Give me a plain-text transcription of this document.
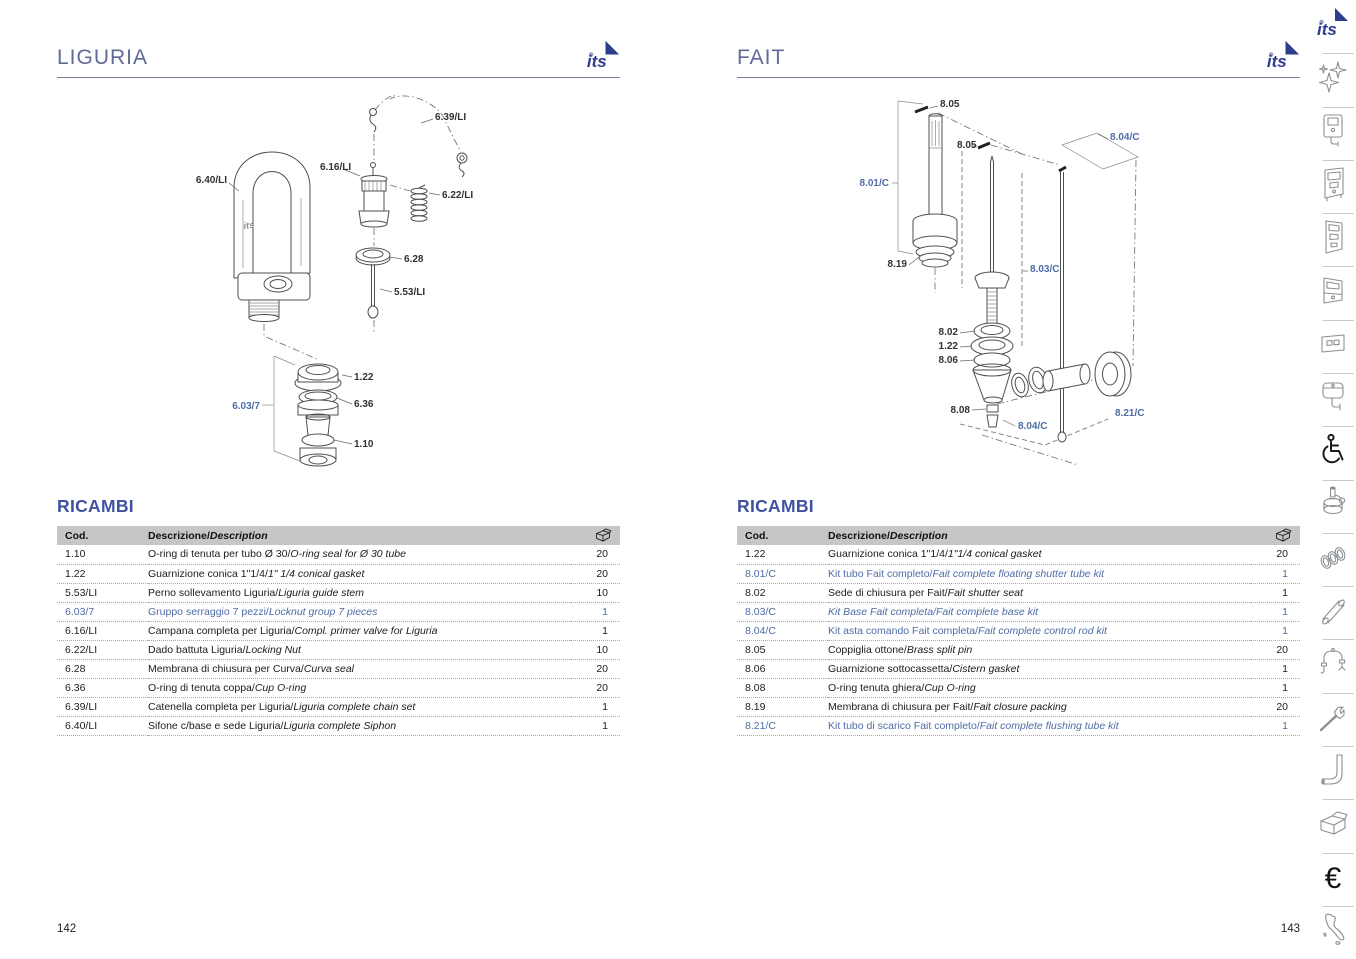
LIGURIA	its
its
6.40/LI
6.39/LI
6.16/LI
6.22/LI
6.28
5.53/LI
1.22
6.36
1.10
6.03/7
RICAMBI
Cod.	Descrizione/Description	

1.10	O-ring di tenuta per tubo Ø 30/O-ring seal for Ø 30 tube	20
1.22	Guarnizione conica 1"1/4/1" 1/4 conical gasket	20
5.53/LI	Perno sollevamento Liguria/Liguria guide stem	10
6.03/7	Gruppo serraggio 7 pezzi/Locknut group 7 pieces	1
6.16/LI	Campana completa per Liguria/Compl. primer valve for Liguria	1
6.22/LI	Dado battuta Liguria/Locking Nut	10
6.28	Membrana di chiusura per Curva/Curva seal	20
6.36	O-ring di tenuta coppa/Cup O-ring	20
6.39/LI	Catenella completa per Liguria/Liguria complete chain set	1
6.40/LI	Sifone c/base e sede Liguria/Liguria complete Siphon	1
142
FAIT	its
8.05
8.05
8.04/C
8.01/C
8.19	8.03/C
8.02
1.22
8.06
8.08
8.04/C
8.21/C
RICAMBI
Cod.	Descrizione/Description	

1.22	Guarnizione conica 1"1/4/1"1/4 conical gasket	20
8.01/C	Kit tubo Fait completo/Fait complete floating shutter tube kit	1
8.02	Sede di chiusura per Fait/Fait shutter seat	1
8.03/C	Kit Base Fait completa/Fait complete base kit	1
8.04/C	Kit asta comando Fait completa/Fait complete control rod kit	1
8.05	Coppiglia ottone/Brass split pin	20
8.06	Guarnizione sottocassetta/Cistern gasket	1
8.08	O-ring tenuta ghiera/Cup O-ring	1
8.19	Membrana di chiusura per Fait/Fait closure packing	20
8.21/C	Kit tubo di scarico Fait completo/Fait complete flushing tube kit	1
143
its
€
